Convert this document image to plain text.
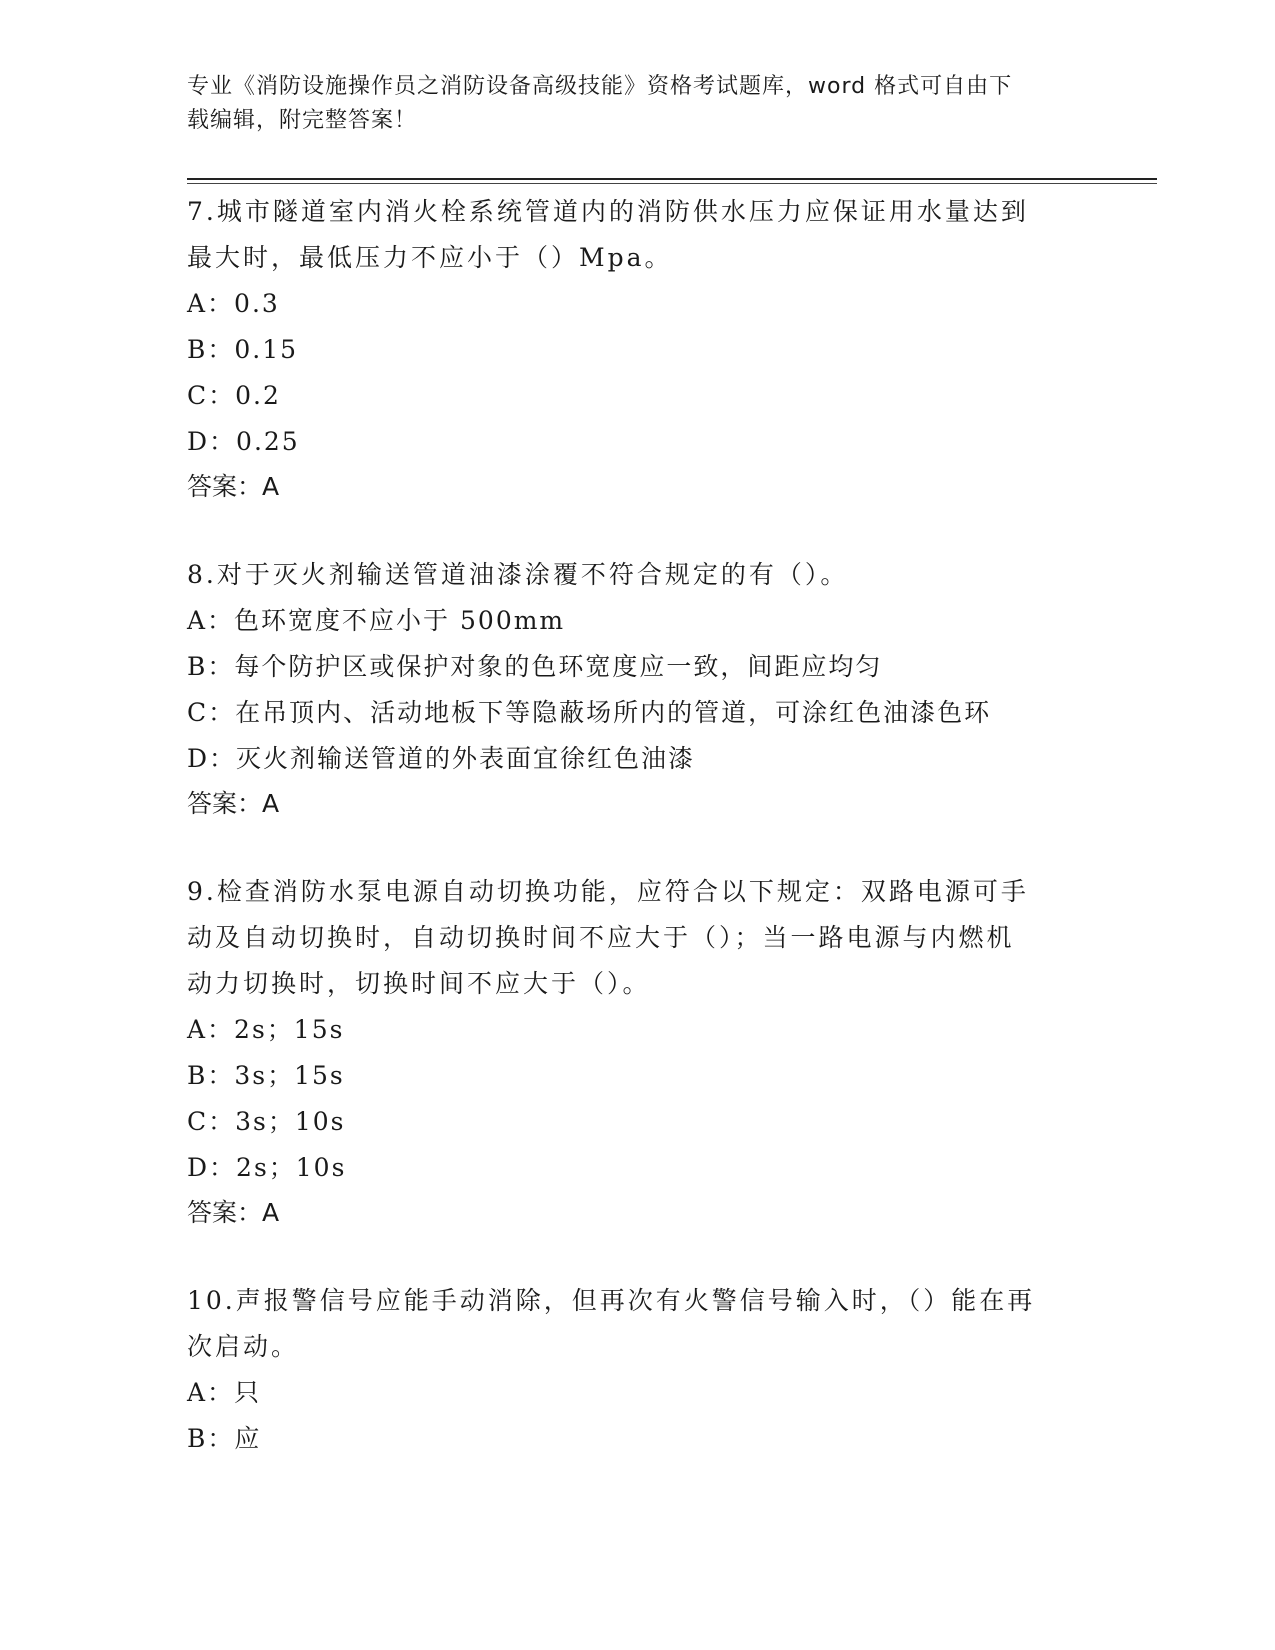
专业《消防设施操作员之消防设备高级技能》资格考试题库，word 格式可自由下
载编辑，附完整答案！
7.城市隧道室内消火栓系统管道内的消防供水压力应保证用水量达到
最大时，最低压力不应小于（）Mpa。
A：0.3
B：0.15
C：0.2
D：0.25
答案：A
8.对于灭火剂输送管道油漆涂覆不符合规定的有（）。
A：色环宽度不应小于 500mm
B：每个防护区或保护对象的色环宽度应一致，间距应均匀
C：在吊顶内、活动地板下等隐蔽场所内的管道，可涂红色油漆色环
D：灭火剂输送管道的外表面宜徐红色油漆
答案：A
9.检查消防水泵电源自动切换功能，应符合以下规定：双路电源可手
动及自动切换时，自动切换时间不应大于（）；当一路电源与内燃机
动力切换时，切换时间不应大于（）。
A：2s；15s
B：3s；15s
C：3s；10s
D：2s；10s
答案：A
10.声报警信号应能手动消除，但再次有火警信号输入时，（）能在再
次启动。
A：只
B：应
